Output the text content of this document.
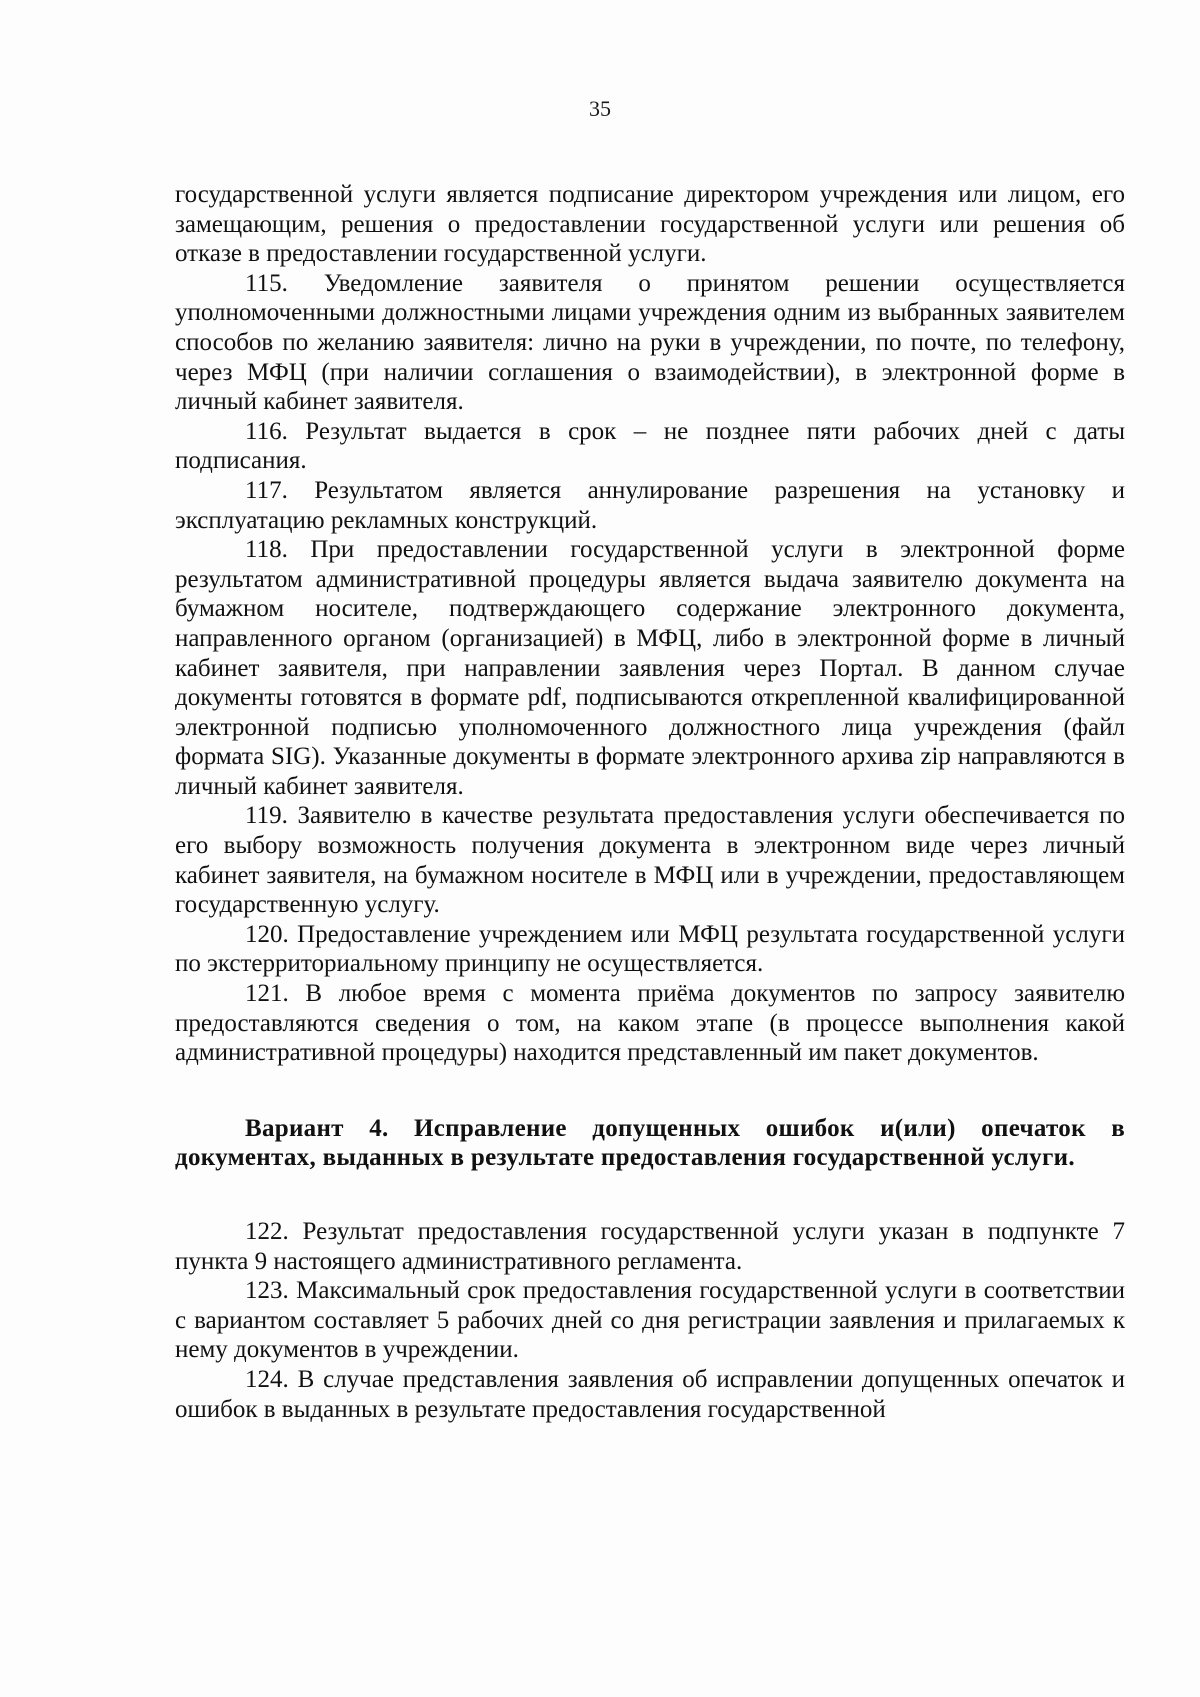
35

государственной услуги является подписание директором учреждения или лицом, его замещающим, решения о предоставлении государственной услуги или решения об отказе в предоставлении государственной услуги.

115. Уведомление заявителя о принятом решении осуществляется уполномоченными должностными лицами учреждения одним из выбранных заявителем способов по желанию заявителя: лично на руки в учреждении, по почте, по телефону, через МФЦ (при наличии соглашения о взаимодействии), в электронной форме в личный кабинет заявителя.

116. Результат выдается в срок – не позднее пяти рабочих дней с даты подписания.

117. Результатом является аннулирование разрешения на установку и эксплуатацию рекламных конструкций.

118. При предоставлении государственной услуги в электронной форме результатом административной процедуры является выдача заявителю документа на бумажном носителе, подтверждающего содержание электронного документа, направленного органом (организацией) в МФЦ, либо в электронной форме в личный кабинет заявителя, при направлении заявления через Портал. В данном случае документы готовятся в формате pdf, подписываются открепленной квалифицированной электронной подписью уполномоченного должностного лица учреждения (файл формата SIG). Указанные документы в формате электронного архива zip направляются в личный кабинет заявителя.

119. Заявителю в качестве результата предоставления услуги обеспечивается по его выбору возможность получения документа в электронном виде через личный кабинет заявителя, на бумажном носителе в МФЦ или в учреждении, предоставляющем государственную услугу.

120. Предоставление учреждением или МФЦ результата государственной услуги по экстерриториальному принципу не осуществляется.

121. В любое время с момента приёма документов по запросу заявителю предоставляются сведения о том, на каком этапе (в процессе выполнения какой административной процедуры) находится представленный им пакет документов.

Вариант 4. Исправление допущенных ошибок и(или) опечаток в документах, выданных в результате предоставления государственной услуги.

122. Результат предоставления государственной услуги указан в подпункте 7 пункта 9 настоящего административного регламента.

123. Максимальный срок предоставления государственной услуги в соответствии с вариантом составляет 5 рабочих дней со дня регистрации заявления и прилагаемых к нему документов в учреждении.

124. В случае представления заявления об исправлении допущенных опечаток и ошибок в выданных в результате предоставления государственной
